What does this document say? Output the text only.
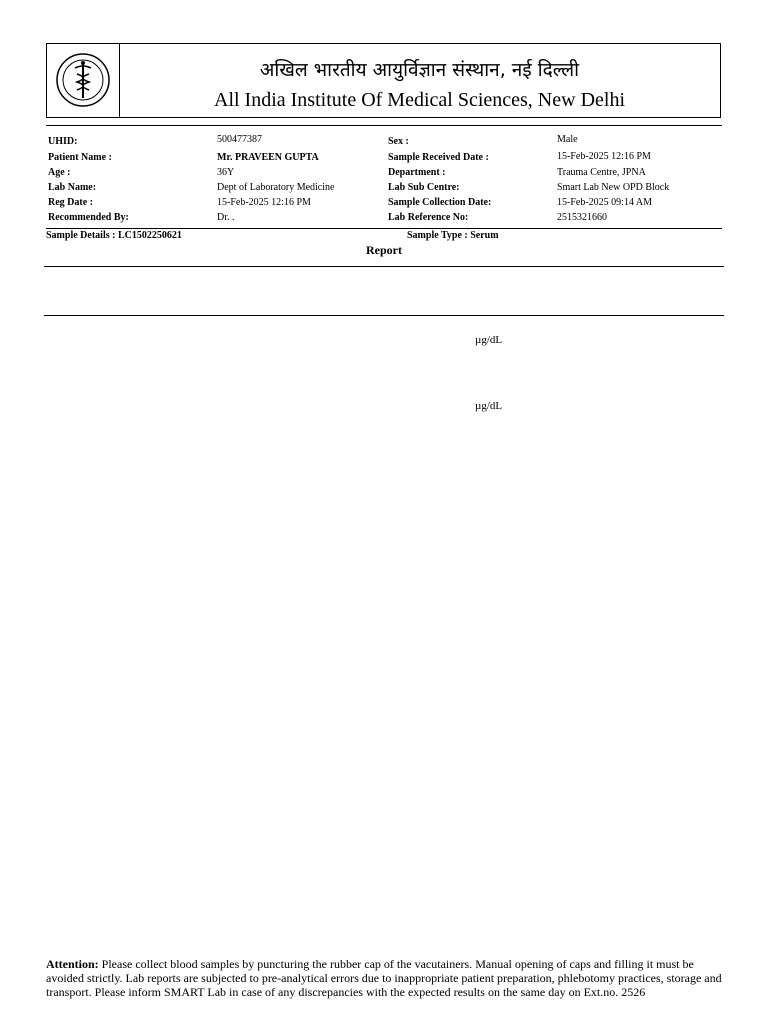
अखिल भारतीय आयुर्विज्ञान संस्थान, नई दिल्ली
All India Institute Of Medical Sciences, New Delhi
UHID:	500477387	Sex :	Male
Patient Name :	Mr. PRAVEEN GUPTA	Sample Received Date :	15-Feb-2025 12:16 PM
Age :	36Y	Department :	Trauma Centre, JPNA
Lab Name:	Dept of Laboratory Medicine	Lab Sub Centre:	Smart Lab New OPD Block
Reg Date :	15-Feb-2025 12:16 PM	Sample Collection Date:	15-Feb-2025 09:14 AM
Recommended By:	Dr. .	Lab Reference No:	2515321660
Sample Details : LC1502250621	Sample Type : Serum
Report
µg/dL
µg/dL
Attention: Please collect blood samples by puncturing the rubber cap of the vacutainers. Manual opening of caps and filling it must be avoided strictly. Lab reports are subjected to pre-analytical errors due to inappropriate patient preparation, phlebotomy practices, storage and transport. Please inform SMART Lab in case of any discrepancies with the expected results on the same day on Ext.no. 2526
